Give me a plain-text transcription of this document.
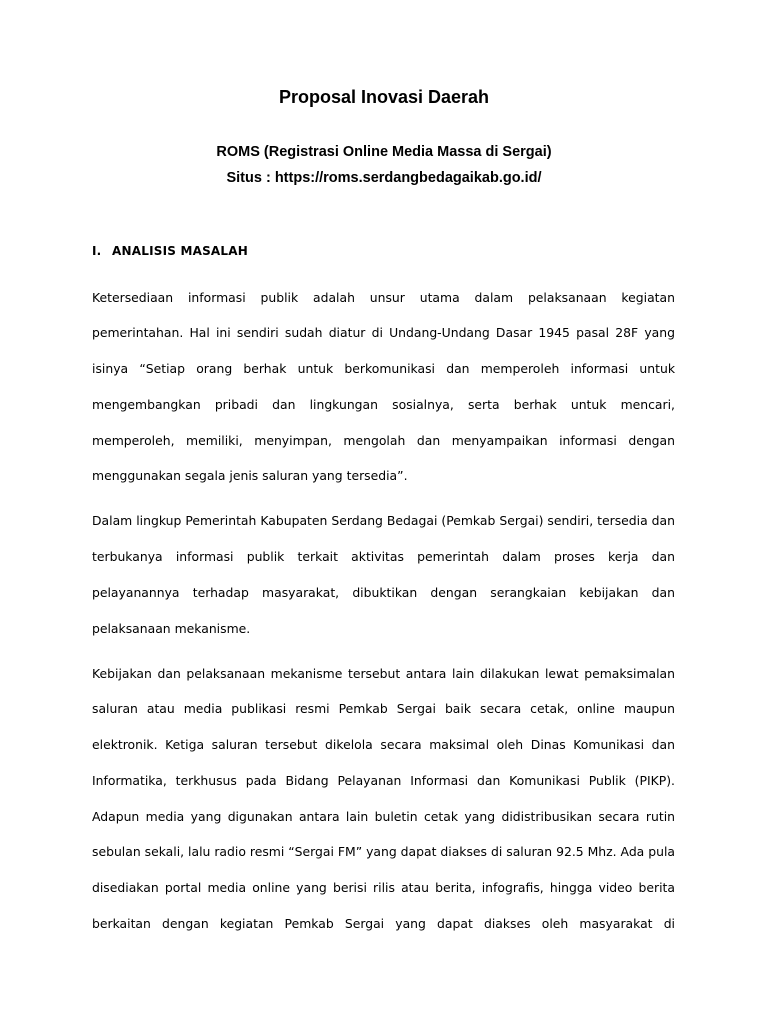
Proposal Inovasi Daerah
ROMS (Registrasi Online Media Massa di Sergai)
Situs : https://roms.serdangbedagaikab.go.id/
I. ANALISIS MASALAH
Ketersediaan informasi publik adalah unsur utama dalam pelaksanaan kegiatan
pemerintahan. Hal ini sendiri sudah diatur di Undang-Undang Dasar 1945 pasal 28F yang
isinya “Setiap orang berhak untuk berkomunikasi dan memperoleh informasi untuk
mengembangkan pribadi dan lingkungan sosialnya, serta berhak untuk mencari,
memperoleh, memiliki, menyimpan, mengolah dan menyampaikan informasi dengan
menggunakan segala jenis saluran yang tersedia”.
Dalam lingkup Pemerintah Kabupaten Serdang Bedagai (Pemkab Sergai) sendiri, tersedia dan
terbukanya informasi publik terkait aktivitas pemerintah dalam proses kerja dan
pelayanannya terhadap masyarakat, dibuktikan dengan serangkaian kebijakan dan
pelaksanaan mekanisme.
Kebijakan dan pelaksanaan mekanisme tersebut antara lain dilakukan lewat pemaksimalan
saluran atau media publikasi resmi Pemkab Sergai baik secara cetak, online maupun
elektronik. Ketiga saluran tersebut dikelola secara maksimal oleh Dinas Komunikasi dan
Informatika, terkhusus pada Bidang Pelayanan Informasi dan Komunikasi Publik (PIKP).
Adapun media yang digunakan antara lain buletin cetak yang didistribusikan secara rutin
sebulan sekali, lalu radio resmi “Sergai FM” yang dapat diakses di saluran 92.5 Mhz. Ada pula
disediakan portal media online yang berisi rilis atau berita, infografis, hingga video berita
berkaitan dengan kegiatan Pemkab Sergai yang dapat diakses oleh masyarakat di
